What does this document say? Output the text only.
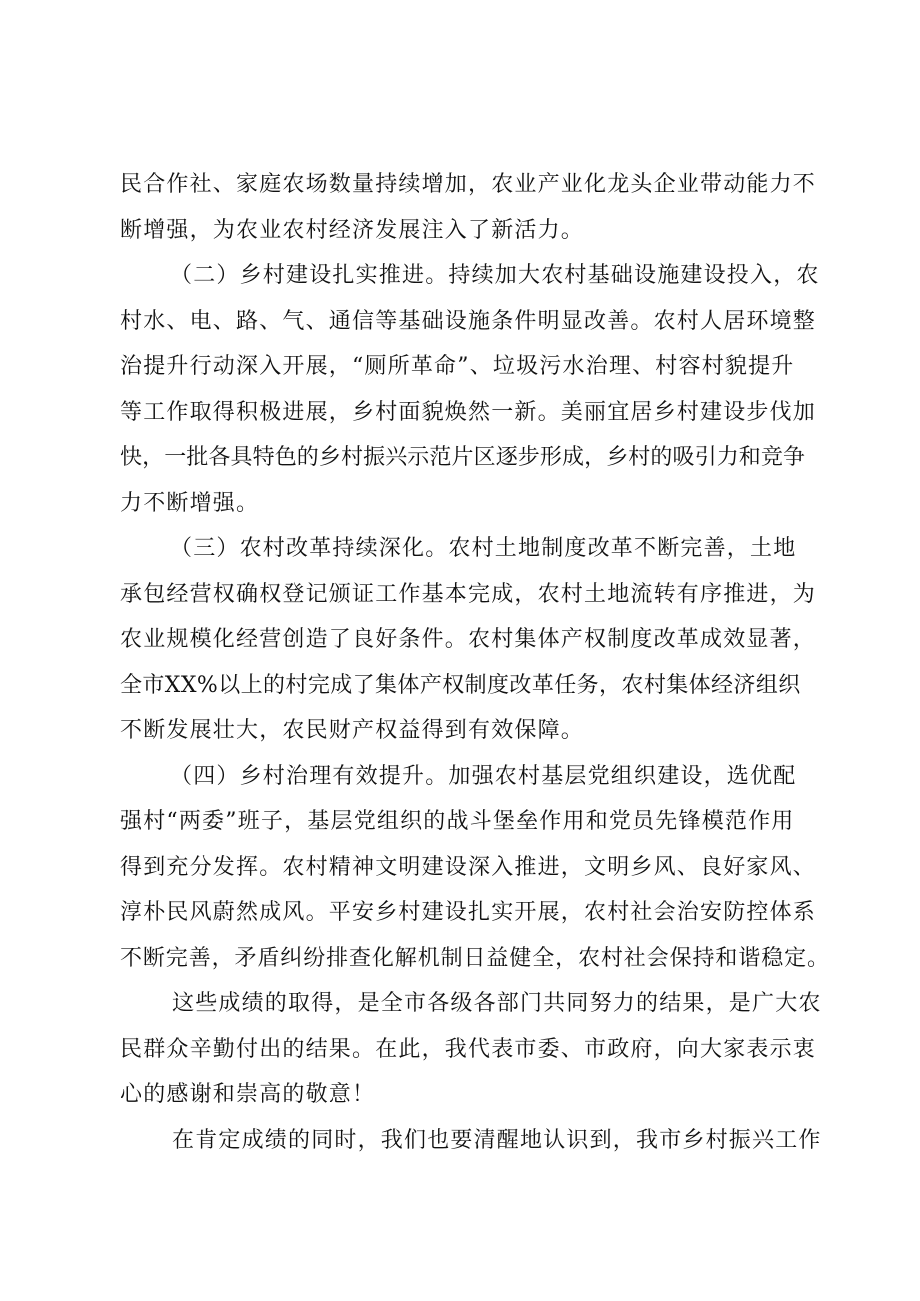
民合作社、家庭农场数量持续增加，农业产业化龙头企业带动能力不
断增强，为农业农村经济发展注入了新活力。
（二）乡村建设扎实推进。持续加大农村基础设施建设投入，农
村水、电、路、气、通信等基础设施条件明显改善。农村人居环境整
治提升行动深入开展，“厕所革命”、垃圾污水治理、村容村貌提升
等工作取得积极进展，乡村面貌焕然一新。美丽宜居乡村建设步伐加
快，一批各具特色的乡村振兴示范片区逐步形成，乡村的吸引力和竞争
力不断增强。
（三）农村改革持续深化。农村土地制度改革不断完善，土地
承包经营权确权登记颁证工作基本完成，农村土地流转有序推进，为
农业规模化经营创造了良好条件。农村集体产权制度改革成效显著，
全市XX%以上的村完成了集体产权制度改革任务，农村集体经济组织
不断发展壮大，农民财产权益得到有效保障。
（四）乡村治理有效提升。加强农村基层党组织建设，选优配
强村“两委”班子，基层党组织的战斗堡垒作用和党员先锋模范作用
得到充分发挥。农村精神文明建设深入推进，文明乡风、良好家风、
淳朴民风蔚然成风。平安乡村建设扎实开展，农村社会治安防控体系
不断完善，矛盾纠纷排查化解机制日益健全，农村社会保持和谐稳定。
这些成绩的取得，是全市各级各部门共同努力的结果，是广大农
民群众辛勤付出的结果。在此，我代表市委、市政府，向大家表示衷
心的感谢和崇高的敬意！
在肯定成绩的同时，我们也要清醒地认识到，我市乡村振兴工作
